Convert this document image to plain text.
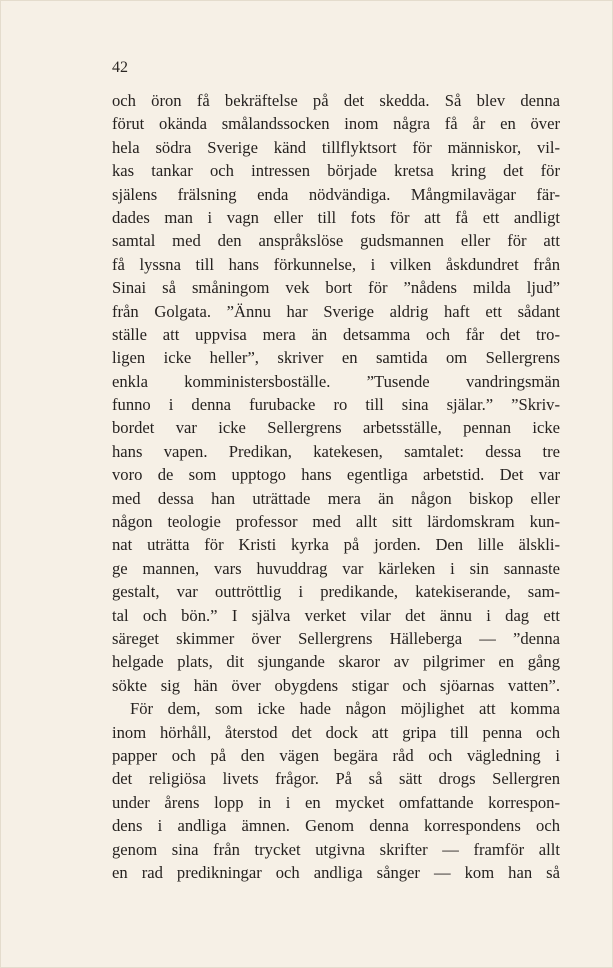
42
och öron få bekräftelse på det skedda. Så blev denna
förut okända smålandssocken inom några få år en över
hela södra Sverige känd tillflyktsort för människor, vil-
kas tankar och intressen började kretsa kring det för
själens frälsning enda nödvändiga. Mångmilavägar fär-
dades man i vagn eller till fots för att få ett andligt
samtal med den anspråkslöse gudsmannen eller för att
få lyssna till hans förkunnelse, i vilken åskdundret från
Sinai så småningom vek bort för ”nådens milda ljud”
från Golgata. ”Ännu har Sverige aldrig haft ett sådant
ställe att uppvisa mera än detsamma och får det tro-
ligen icke heller”, skriver en samtida om Sellergrens
enkla komministersboställe. ”Tusende vandringsmän
funno i denna furubacke ro till sina själar.” ”Skriv-
bordet var icke Sellergrens arbetsställe, pennan icke
hans vapen. Predikan, katekesen, samtalet: dessa tre
voro de som upptogo hans egentliga arbetstid. Det var
med dessa han uträttade mera än någon biskop eller
någon teologie professor med allt sitt lärdomskram kun-
nat uträtta för Kristi kyrka på jorden. Den lille älskli-
ge mannen, vars huvuddrag var kärleken i sin sannaste
gestalt, var outtröttlig i predikande, katekiserande, sam-
tal och bön.” I själva verket vilar det ännu i dag ett
säreget skimmer över Sellergrens Hälleberga — ”denna
helgade plats, dit sjungande skaror av pilgrimer en gång
sökte sig hän över obygdens stigar och sjöarnas vatten”.
För dem, som icke hade någon möjlighet att komma
inom hörhåll, återstod det dock att gripa till penna och
papper och på den vägen begära råd och vägledning i
det religiösa livets frågor. På så sätt drogs Sellergren
under årens lopp in i en mycket omfattande korrespon-
dens i andliga ämnen. Genom denna korrespondens och
genom sina från trycket utgivna skrifter — framför allt
en rad predikningar och andliga sånger — kom han så
